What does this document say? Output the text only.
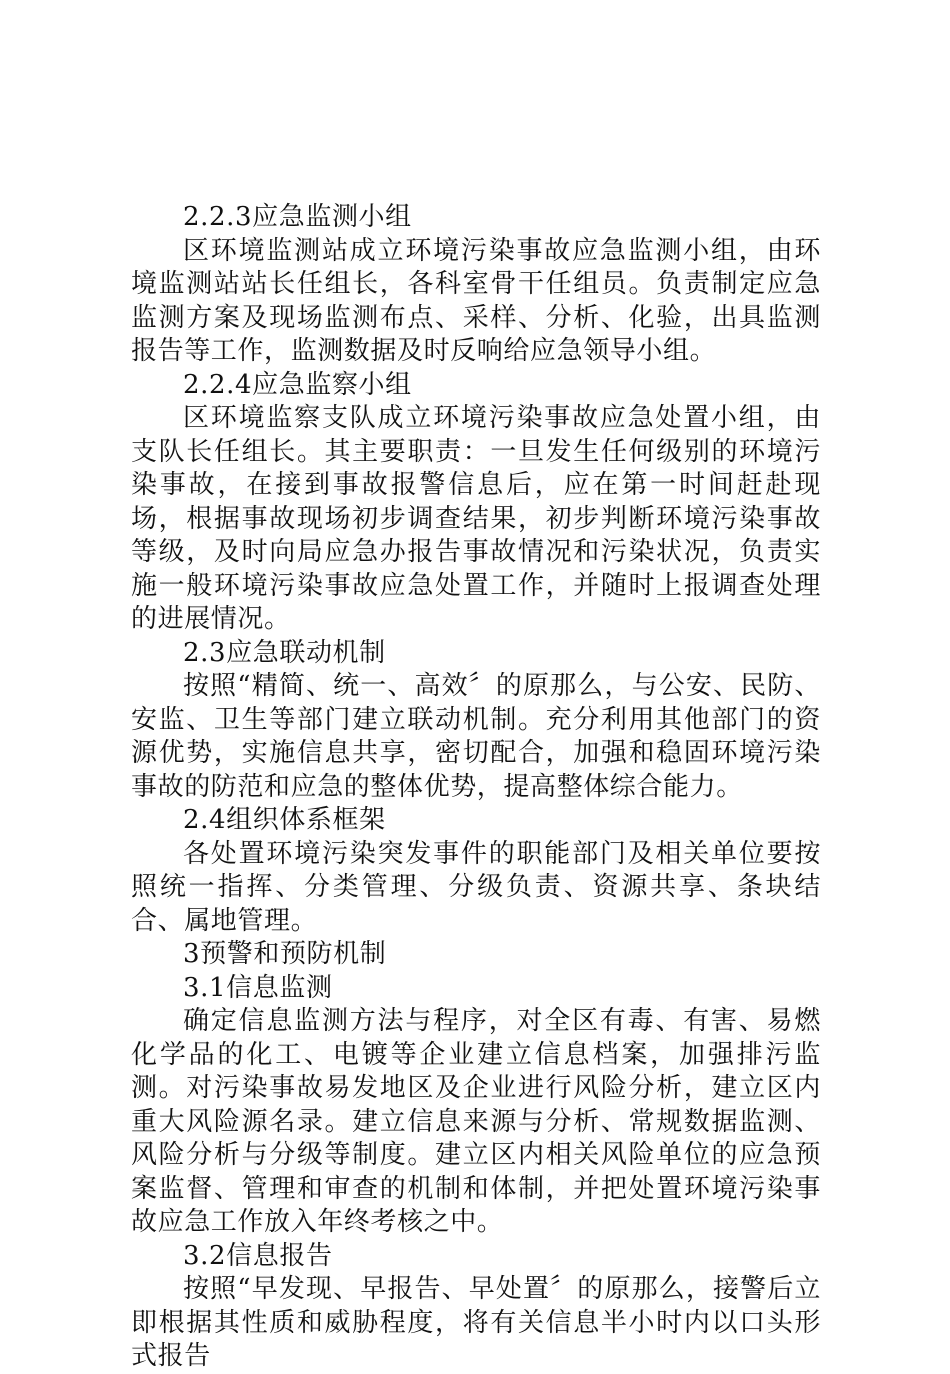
2.2.3应急监测小组

区环境监测站成立环境污染事故应急监测小组，由环境监测站站长任组长，各科室骨干任组员。负责制定应急监测方案及现场监测布点、采样、分析、化验，出具监测报告等工作，监测数据及时反响给应急领导小组。

2.2.4应急监察小组

区环境监察支队成立环境污染事故应急处置小组，由支队长任组长。其主要职责：一旦发生任何级别的环境污染事故，在接到事故报警信息后，应在第一时间赶赴现场，根据事故现场初步调查结果，初步判断环境污染事故等级，及时向局应急办报告事故情况和污染状况，负责实施一般环境污染事故应急处置工作，并随时上报调查处理的进展情况。

2.3应急联动机制

按照“精简、统一、高效〞的原那么，与公安、民防、安监、卫生等部门建立联动机制。充分利用其他部门的资源优势，实施信息共享，密切配合，加强和稳固环境污染事故的防范和应急的整体优势，提高整体综合能力。

2.4组织体系框架

各处置环境污染突发事件的职能部门及相关单位要按照统一指挥、分类管理、分级负责、资源共享、条块结合、属地管理。

3预警和预防机制

3.1信息监测

确定信息监测方法与程序，对全区有毒、有害、易燃化学品的化工、电镀等企业建立信息档案，加强排污监测。对污染事故易发地区及企业进行风险分析，建立区内重大风险源名录。建立信息来源与分析、常规数据监测、风险分析与分级等制度。建立区内相关风险单位的应急预案监督、管理和审查的机制和体制，并把处置环境污染事故应急工作放入年终考核之中。

3.2信息报告

按照“早发现、早报告、早处置〞的原那么，接警后立即根据其性质和威胁程度，将有关信息半小时内以口头形式报告
